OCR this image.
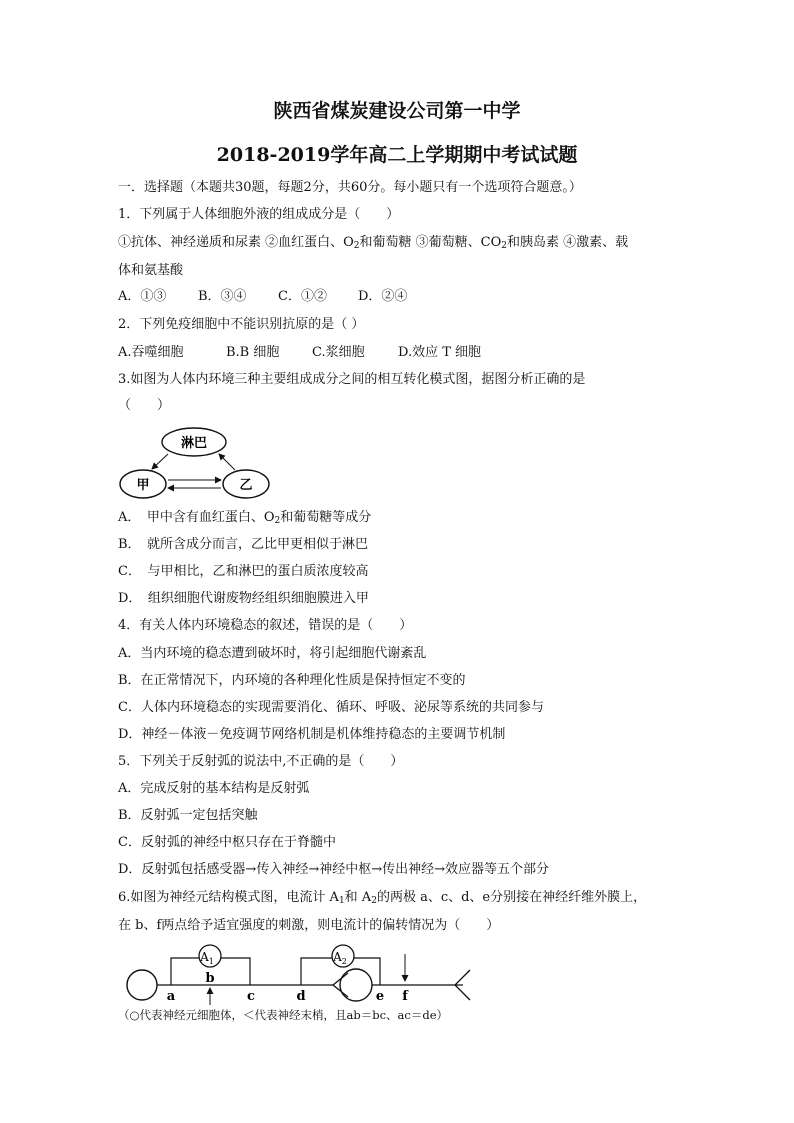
陕西省煤炭建设公司第一中学
2018-2019学年高二上学期期中考试试题
一．选择题（本题共30题，每题2分，共60分。每小题只有一个选项符合题意。）
1．下列属于人体细胞外液的组成成分是（　　）
①抗体、神经递质和尿素 ②血红蛋白、$O_2$和葡萄糖 ③葡萄糖、$CO_2$和胰岛素 ④激素、载
体和氨基酸
A．①③ B．③④ C．①② D．②④
2．下列免疫细胞中不能识别抗原的是（ ）
A.吞噬细胞	B.B 细胞	C.浆细胞	D.效应 T 细胞
3.如图为人体内环境三种主要组成成分之间的相互转化模式图，据图分析正确的是
（　　）
淋巴
甲	乙
A．　甲中含有血红蛋白、$O_2$和葡萄糖等成分
B．　就所含成分而言，乙比甲更相似于淋巴
C．　与甲相比，乙和淋巴的蛋白质浓度较高
D．　组织细胞代谢废物经组织细胞膜进入甲
4．有关人体内环境稳态的叙述，错误的是（　　）
A．当内环境的稳态遭到破坏时，将引起细胞代谢紊乱
B．在正常情况下，内环境的各种理化性质是保持恒定不变的
C．人体内环境稳态的实现需要消化、循环、呼吸、泌尿等系统的共同参与
D．神经－体液－免疫调节网络机制是机体维持稳态的主要调节机制
5．下列关于反射弧的说法中,不正确的是（　　）
A．完成反射的基本结构是反射弧
B．反射弧一定包括突触
C．反射弧的神经中枢只存在于脊髓中
D．反射弧包括感受器→传入神经→神经中枢→传出神经→效应器等五个部分
6.如图为神经元结构模式图，电流计 $A_1$和 $A_2$的两极 a、c、d、e分别接在神经纤维外膜上，
在 b、f两点给予适宜强度的刺激，则电流计的偏转情况为（　　）
$A_1$	$A_2$
a
b
c	d	e f
（○代表神经元细胞体，＜代表神经末梢，且ab＝bc、ac＝de）
